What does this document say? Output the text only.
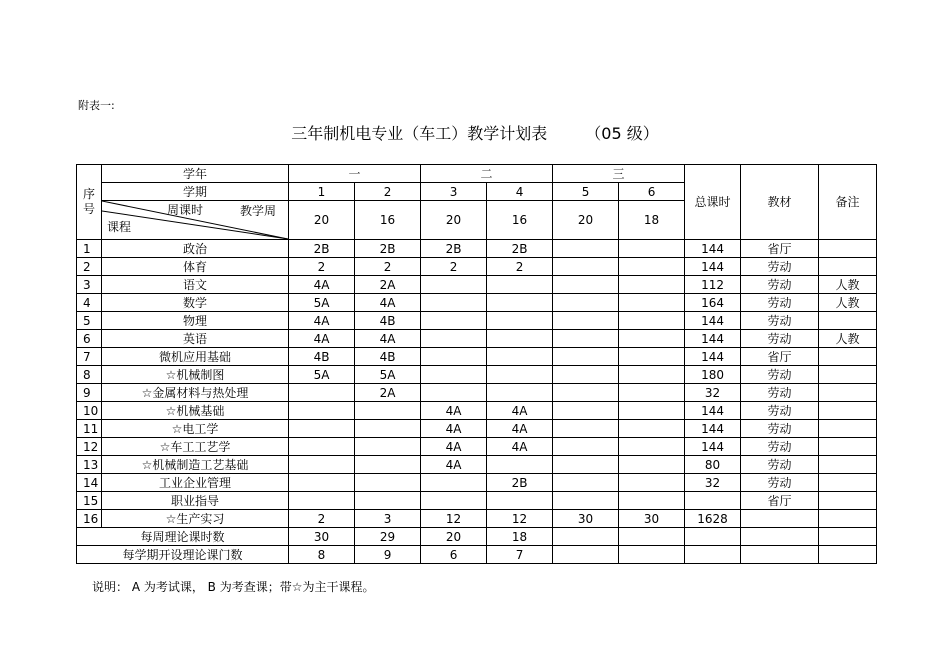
附表一:
三年制机电专业（车工）教学计划表 （05 级）
序
号	学年	一		二		三		总课时	教材	备注
	学期	1	2	3	4	5	6			

	周课时 教学周
课程	20	16	20	16	20	18			
1	政治	2B	2B	2B	2B			144	省厅	
2	体育	2	2	2	2			144	劳动	
3	语文	4A	2A					112	劳动	人教
4	数学	5A	4A					164	劳动	人教
5	物理	4A	4B					144	劳动	
6	英语	4A	4A					144	劳动	人教
7	微机应用基础	4B	4B					144	省厅	
8	☆机械制图	5A	5A					180	劳动	
9	☆金属材料与热处理		2A					32	劳动	
10	☆机械基础			4A	4A			144	劳动	
11	☆电工学			4A	4A			144	劳动	
12	☆车工工艺学			4A	4A			144	劳动	
13	☆机械制造工艺基础			4A				80	劳动	
14	工业企业管理				2B			32	劳动	
15	职业指导								省厅	
16	☆生产实习	2	3	12	12	30	30	1628		
每周理论课时数		30	29	20	18					
每学期开设理论课门数		8	9	6	7					
说明： A 为考试课， B 为考查课；带☆为主干课程。
